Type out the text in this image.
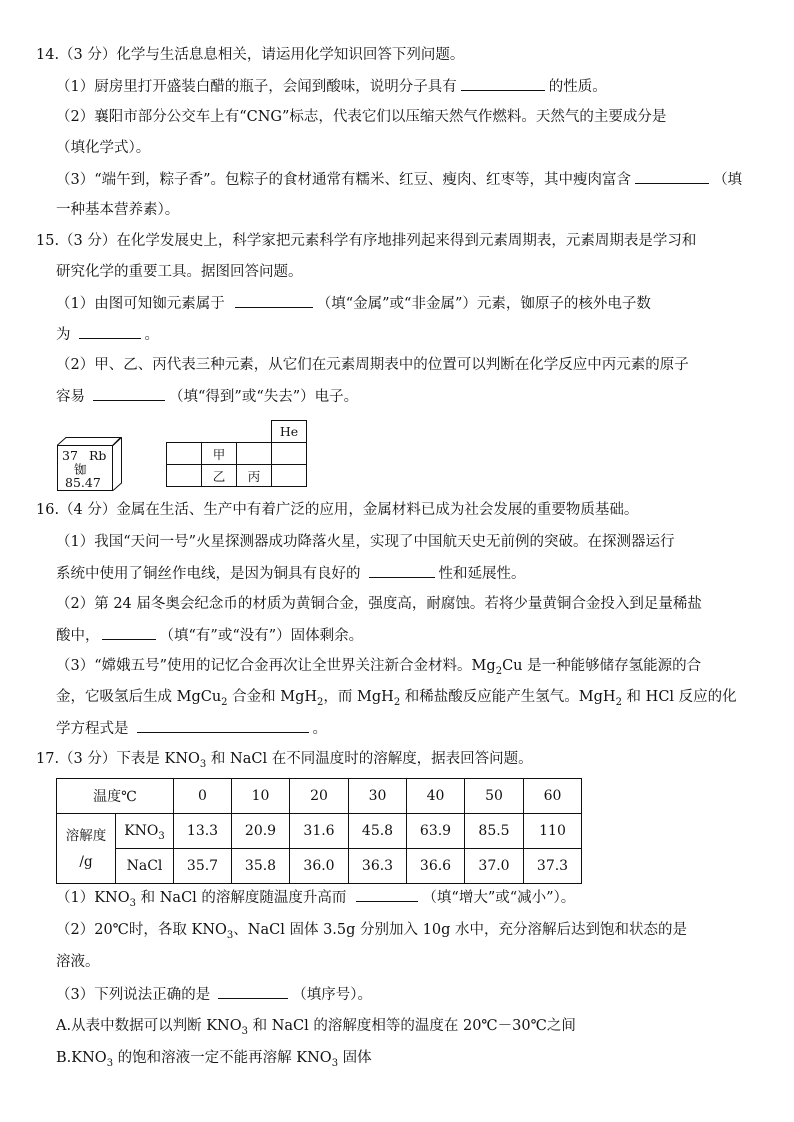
14.（3 分）化学与生活息息相关，请运用化学知识回答下列问题。
（1）厨房里打开盛装白醋的瓶子，会闻到酸味，说明分子具有	的性质。
（2）襄阳市部分公交车上有“CNG”标志，代表它们以压缩天然气作燃料。天然气的主要成分是
（填化学式）。
（3）“端午到，粽子香”。包粽子的食材通常有糯米、红豆、瘦肉、红枣等，其中瘦肉富含	（填
一种基本营养素）。
15.（3 分）在化学发展史上，科学家把元素科学有序地排列起来得到元素周期表，元素周期表是学习和
研究化学的重要工具。据图回答问题。
（1）由图可知铷元素属于	（填“金属”或“非金属”）元素，铷原子的核外电子数
为	。
（2）甲、乙、丙代表三种元素，从它们在元素周期表中的位置可以判断在化学反应中丙元素的原子
容易	（填“得到”或“失去”）电子。
37 Rb
铷
85.47
			He
	甲		
	乙	丙	
16.（4 分）金属在生活、生产中有着广泛的应用，金属材料已成为社会发展的重要物质基础。
（1）我国“天问一号”火星探测器成功降落火星，实现了中国航天史无前例的突破。在探测器运行
系统中使用了铜丝作电线，是因为铜具有良好的	性和延展性。
（2）第 24 届冬奥会纪念币的材质为黄铜合金，强度高，耐腐蚀。若将少量黄铜合金投入到足量稀盐
酸中，	（填“有”或“没有”）固体剩余。
（3）“嫦娥五号”使用的记忆合金再次让全世界关注新合金材料。$Mg_2Cu$ 是一种能够储存氢能源的合
金，它吸氢后生成 MgCu$_2$ 合金和 MgH$_2$，而 MgH$_2$ 和稀盐酸反应能产生氢气。MgH$_2$ 和 HCl 反应的化
学方程式是	。
17.（3 分）下表是 $KNO_3$ 和 NaCl 在不同温度时的溶解度，据表回答问题。
温度℃		0	10	20	30	40	50	60
溶解度
/g	$KNO_3$	13.3	20.9	31.6	45.8	63.9	85.5	110
	NaCl	35.7	35.8	36.0	36.3	36.6	37.0	37.3
$(1)KNO_3$ 和 NaCl 的溶解度随温度升高而	（填“增大”或“减小”）。
（2）20℃时，各取 $KNO_3$、NaCl 固体 3.5g 分别加入 10g 水中，充分溶解后达到饱和状态的是
溶液。
（3）下列说法正确的是	（填序号）。
A.从表中数据可以判断 $KNO_3$ 和 NaCl 的溶解度相等的温度在 20℃－30℃之间
$B.KNO_3$ 的饱和溶液一定不能再溶解 $KNO_3$ 固体
